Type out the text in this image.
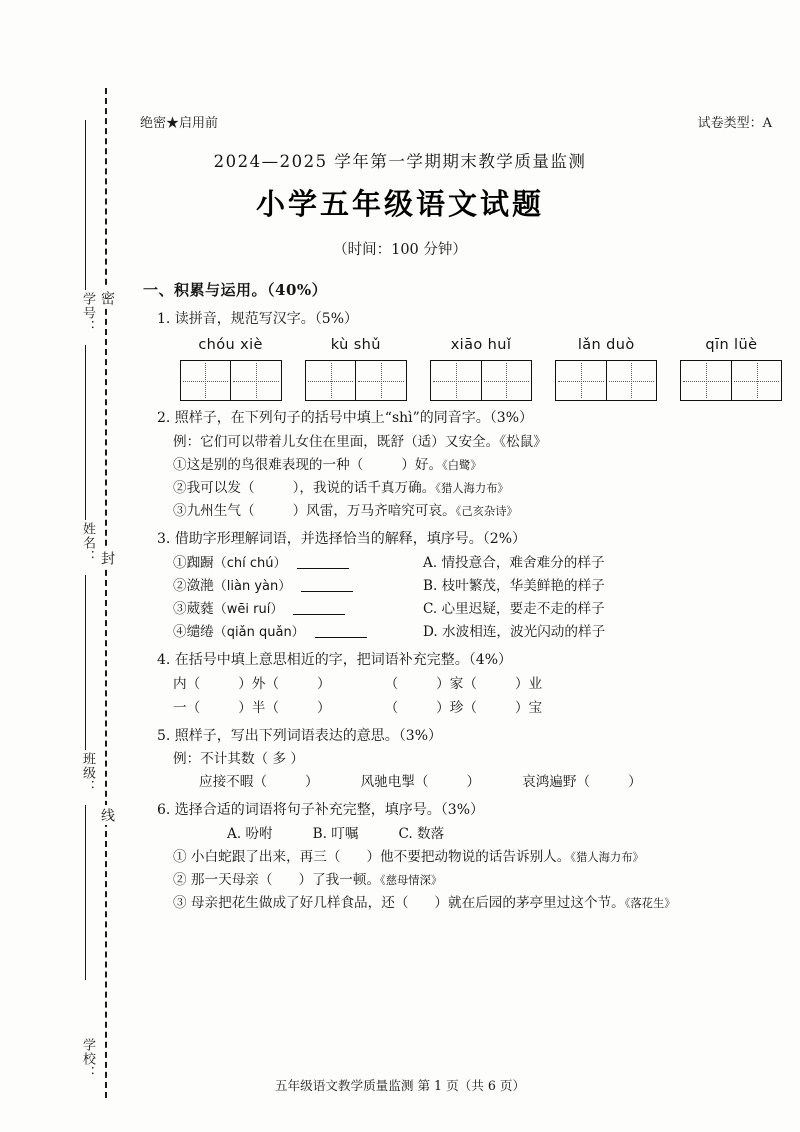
学号：
姓名：
班级：
学校：
密
封
线
绝密★启用前	试卷类型：A
2024—2025 学年第一学期期末教学质量监测
小学五年级语文试题
（时间：100 分钟）
一、积累与运用。（40%）
1. 读拼音，规范写汉字。（5%）
chóu xiè	kù shǔ	xiāo huǐ	lǎn duò	qīn lüè
2. 照样子，在下列句子的括号中填上“shì”的同音字。（3%）
例：它们可以带着儿女住在里面，既舒（适）又安全。《松鼠》
①这是别的鸟很难表现的一种（	）好。《白鹭》
②我可以发（	），我说的话千真万确。《猎人海力布》
③九州生气（	）风雷，万马齐喑究可哀。《己亥杂诗》
3. 借助字形理解词语，并选择恰当的解释，填序号。（2%）
①踟蹰（chí chú）	A. 情投意合，难舍难分的样子
②潋滟（liàn yàn）	B. 枝叶繁茂，华美鲜艳的样子
③葳蕤（wēi ruí）	C. 心里迟疑，要走不走的样子
④缱绻（qiǎn quǎn）	D. 水波相连，波光闪动的样子
4. 在括号中填上意思相近的字，把词语补充完整。（4%）
内（	）外（	）	（	）家（	）业
一（	）半（	）	（	）珍（	）宝
5. 照样子，写出下列词语表达的意思。（3%）
例：不计其数（ 多 ）
应接不暇（	）	风驰电掣（	）	哀鸿遍野（	）
6. 选择合适的词语将句子补充完整，填序号。（3%）
A. 吩咐	B. 叮嘱	C. 数落
① 小白蛇跟了出来，再三（ ）他不要把动物说的话告诉别人。《猎人海力布》
② 那一天母亲（ ）了我一顿。《慈母情深》
③ 母亲把花生做成了好几样食品，还（ ）就在后园的茅亭里过这个节。《落花生》
五年级语文教学质量监测 第 1 页（共 6 页）
